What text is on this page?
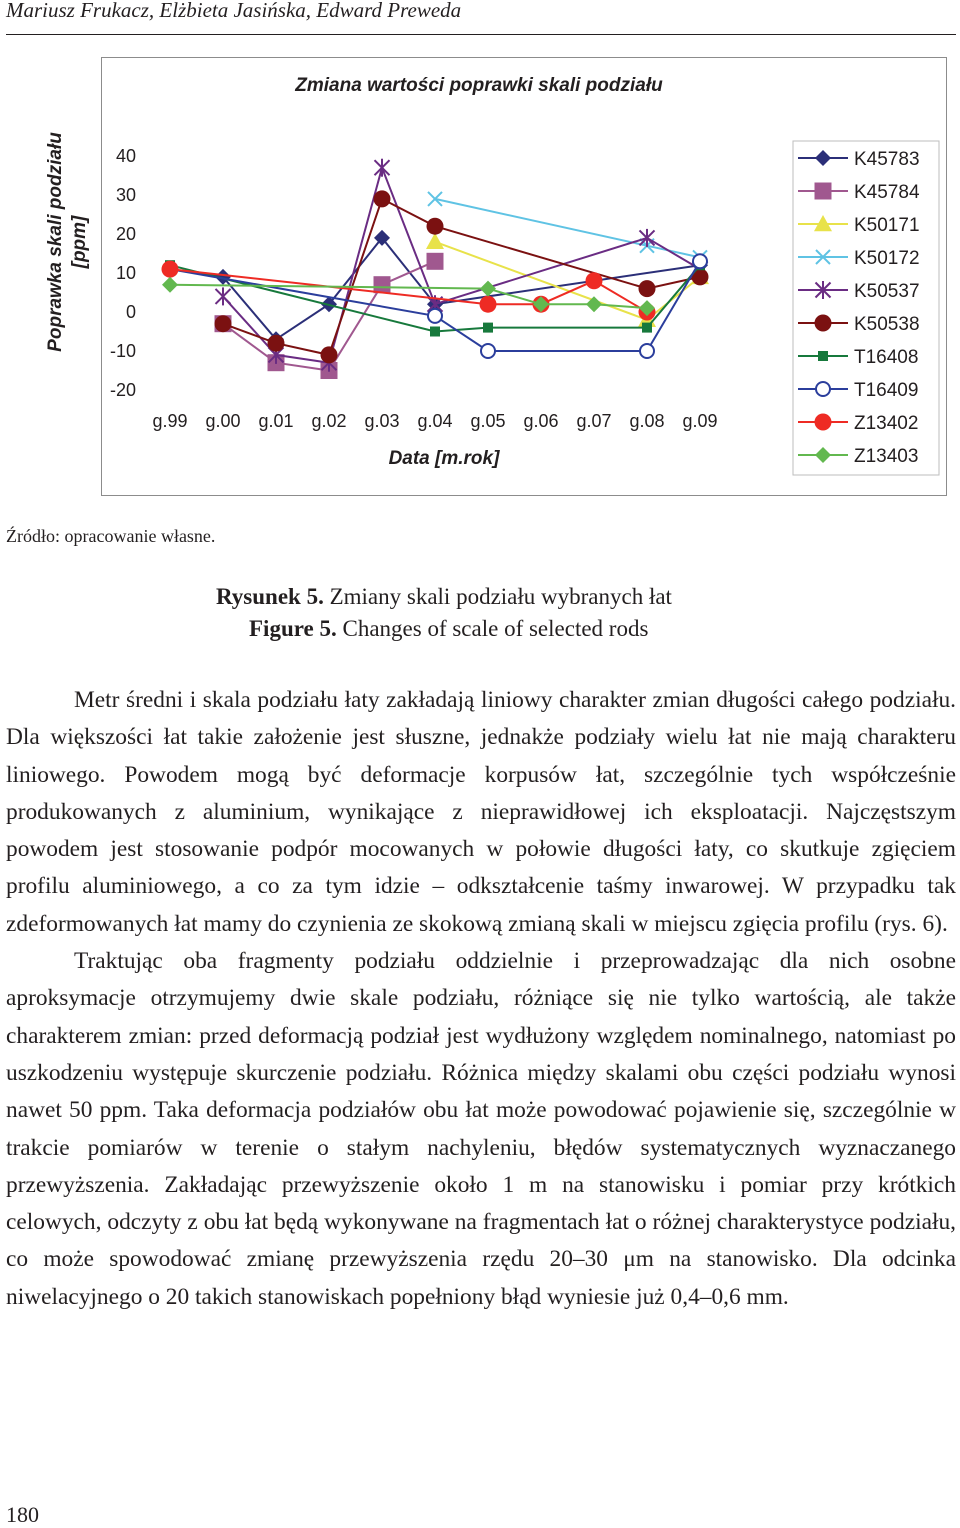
Mariusz Frukacz, Elżbieta Jasińska, Edward Preweda
Zmiana wartości poprawki skali podziału
Poprawka skali podziału [ppm]
Data [m.rok]
40
30
20
10
0
-10
-20
g.99 g.00 g.01 g.02 g.03 g.04 g.05 g.06 g.07 g.08 g.09
K45783
K45784
K50171
K50172
K50537
K50538
T16408
T16409
Z13402
Z13403
Źródło: opracowanie własne.
Rysunek 5. Zmiany skali podziału wybranych łat
Figure 5. Changes of scale of selected rods

Metr średni i skala podziału łaty zakładają liniowy charakter zmian długości całego podziału. Dla większości łat takie założenie jest słuszne, jednakże podziały wielu łat nie mają charakteru liniowego. Powodem mogą być deformacje korpusów łat, szczególnie tych współcześnie produkowanych z aluminium, wynikające z nieprawidłowej ich eksploatacji. Najczęstszym powodem jest stosowanie podpór mocowanych w połowie długości łaty, co skutkuje zgięciem profilu aluminiowego, a co za tym idzie – odkształcenie taśmy inwarowej. W przypadku tak zdeformowanych łat mamy do czynienia ze skokową zmianą skali w miejscu zgięcia profilu (rys. 6).

Traktując oba fragmenty podziału oddzielnie i przeprowadzając dla nich osobne aproksymacje otrzymujemy dwie skale podziału, różniące się nie tylko wartością, ale także charakterem zmian: przed deformacją podział jest wydłużony względem nominalnego, natomiast po uszkodzeniu występuje skurczenie podziału. Różnica między skalami obu części podziału wynosi nawet 50 ppm. Taka deformacja podziałów obu łat może powodować pojawienie się, szczególnie w trakcie pomiarów w terenie o stałym nachyleniu, błędów systematycznych wyznaczanego przewyższenia. Zakładając przewyższenie około 1 m na stanowisku i pomiar przy krótkich celowych, odczyty z obu łat będą wykonywane na fragmentach łat o różnej charakterystyce podziału, co może spowodować zmianę przewyższenia rzędu 20–30 μm na stanowisko. Dla odcinka niwelacyjnego o 20 takich stanowiskach popełniony błąd wyniesie już 0,4–0,6 mm.

180
